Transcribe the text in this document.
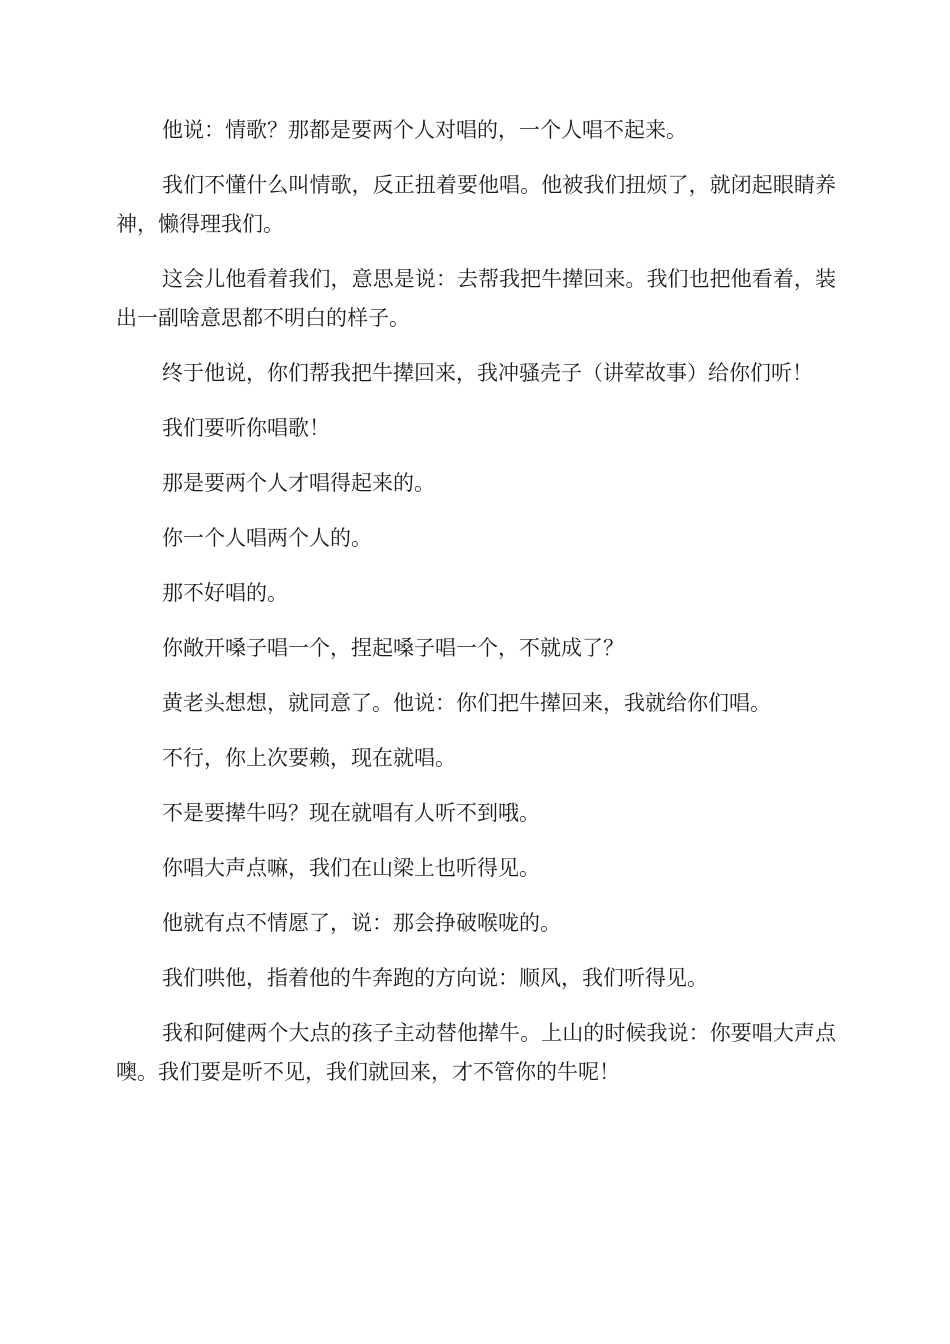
他说：情歌？那都是要两个人对唱的，一个人唱不起来。

我们不懂什么叫情歌，反正扭着要他唱。他被我们扭烦了，就闭起眼睛养神，懒得理我们。

这会儿他看着我们，意思是说：去帮我把牛撵回来。我们也把他看着，装出一副啥意思都不明白的样子。

终于他说，你们帮我把牛撵回来，我冲骚壳子（讲荤故事）给你们听！

我们要听你唱歌！

那是要两个人才唱得起来的。

你一个人唱两个人的。

那不好唱的。

你敞开嗓子唱一个，捏起嗓子唱一个，不就成了？

黄老头想想，就同意了。他说：你们把牛撵回来，我就给你们唱。

不行，你上次要赖，现在就唱。

不是要撵牛吗？现在就唱有人听不到哦。

你唱大声点嘛，我们在山梁上也听得见。

他就有点不情愿了，说：那会挣破喉咙的。

我们哄他，指着他的牛奔跑的方向说：顺风，我们听得见。

我和阿健两个大点的孩子主动替他撵牛。上山的时候我说：你要唱大声点噢。我们要是听不见，我们就回来，才不管你的牛呢！
